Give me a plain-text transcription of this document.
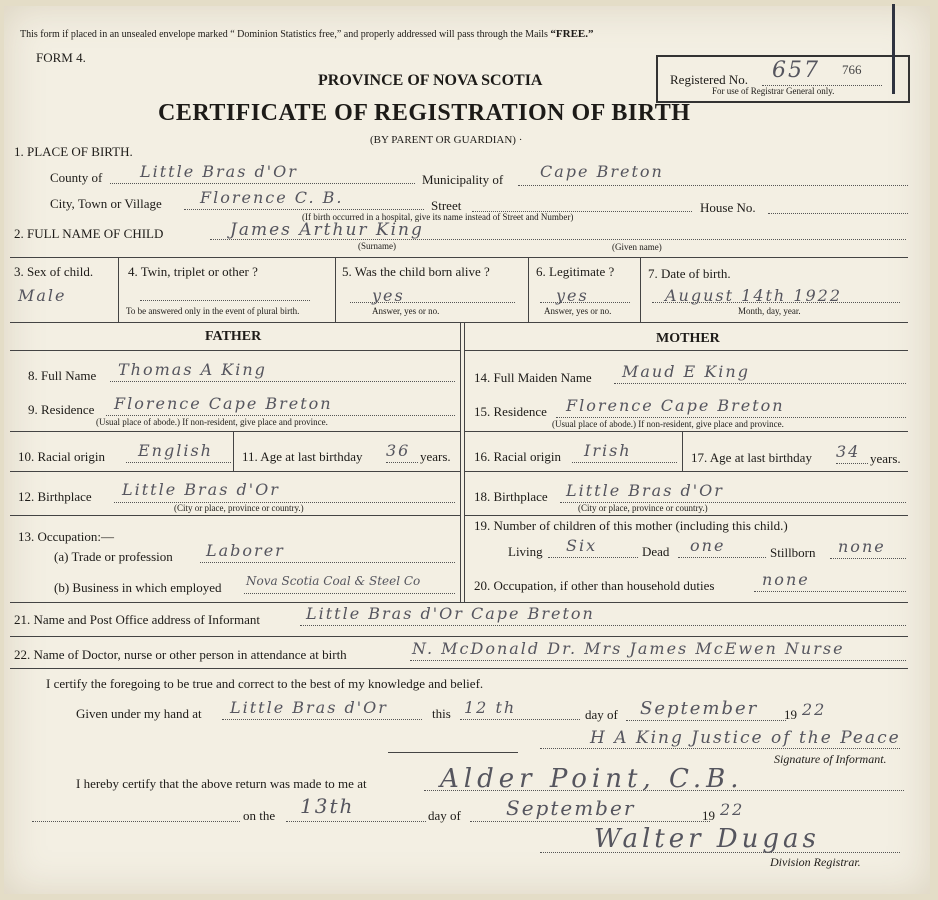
This form if placed in an unsealed envelope marked “ Dominion Statistics free,” and properly addressed will pass through the Mails “FREE.”
FORM 4.
PROVINCE OF NOVA SCOTIA
CERTIFICATE OF REGISTRATION OF BIRTH
(BY PARENT OR GUARDIAN) ·
Registered No. 657 766
For use of Registrar General only.
1. PLACE OF BIRTH.
County of Little Bras d'Or	Municipality of Cape Breton
City, Town or Village Florence C. B.	Street	House No.
(If birth occurred in a hospital, give its name instead of Street and Number)
2. FULL NAME OF CHILD	James Arthur King
(Surname)	(Given name)
3. Sex of child.
Male
4. Twin, triplet or other ?
To be answered only in the event of plural birth.
5. Was the child born alive ?
yes
Answer, yes or no.
6. Legitimate ?
yes
Answer, yes or no.
7. Date of birth.
August 14th 1922
Month, day, year.
FATHER	MOTHER
8. Full Name Thomas A King
9. Residence Florence Cape Breton
(Usual place of abode.) If non-resident, give place and province.
10. Racial origin English 11. Age at last birthday 36 years.
12. Birthplace Little Bras d'Or
(City or place, province or country.)
13. Occupation:—
(a) Trade or profession Laborer
(b) Business in which employed Nova Scotia Coal & Steel Co
14. Full Maiden Name Maud E King
15. Residence Florence Cape Breton
(Usual place of abode.) If non-resident, give place and province.
16. Racial origin Irish	17. Age at last birthday 34 years.
18. Birthplace Little Bras d'Or
(City or place, province or country.)
19. Number of children of this mother (including this child.)
Living Six	Dead one	Stillborn none
20. Occupation, if other than household duties	none
21. Name and Post Office address of Informant	Little Bras d'Or Cape Breton
22. Name of Doctor, nurse or other person in attendance at birth	N. McDonald Dr. Mrs James McEwen Nurse
I certify the foregoing to be true and correct to the best of my knowledge and belief.
Given under my hand at Little Bras d'Or	this 12 th	day of September 19 22
H A King Justice of the Peace
Signature of Informant.
I hereby certify that the above return was made to me at	Alder Point, C.B.
on the 13th	day of September	19 22
Walter Dugas
Division Registrar.
